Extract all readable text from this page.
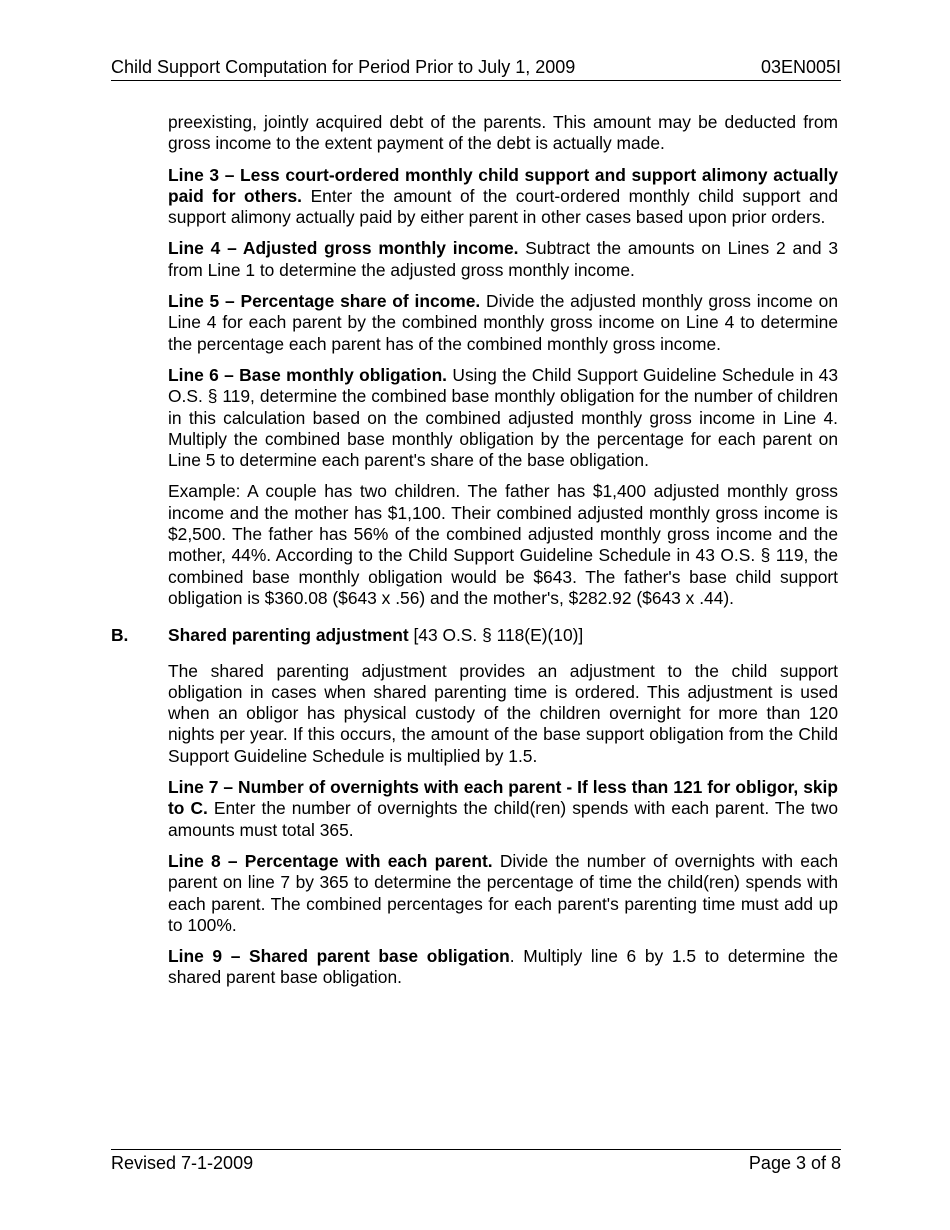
Child Support Computation for Period Prior to July 1, 2009	03EN005I

preexisting, jointly acquired debt of the parents. This amount may be deducted from gross income to the extent payment of the debt is actually made.

Line 3 – Less court-ordered monthly child support and support alimony actually paid for others. Enter the amount of the court-ordered monthly child support and support alimony actually paid by either parent in other cases based upon prior orders.

Line 4 – Adjusted gross monthly income. Subtract the amounts on Lines 2 and 3 from Line 1 to determine the adjusted gross monthly income.

Line 5 – Percentage share of income. Divide the adjusted monthly gross income on Line 4 for each parent by the combined monthly gross income on Line 4 to determine the percentage each parent has of the combined monthly gross income.

Line 6 – Base monthly obligation. Using the Child Support Guideline Schedule in 43 O.S. § 119, determine the combined base monthly obligation for the number of children in this calculation based on the combined adjusted monthly gross income in Line 4. Multiply the combined base monthly obligation by the percentage for each parent on Line 5 to determine each parent's share of the base obligation.

Example: A couple has two children. The father has $1,400 adjusted monthly gross income and the mother has $1,100. Their combined adjusted monthly gross income is $2,500. The father has 56% of the combined adjusted monthly gross income and the mother, 44%. According to the Child Support Guideline Schedule in 43 O.S. § 119, the combined base monthly obligation would be $643. The father's base child support obligation is $360.08 ($643 x .56) and the mother's, $282.92 ($643 x .44).

B. Shared parenting adjustment [43 O.S. § 118(E)(10)]

The shared parenting adjustment provides an adjustment to the child support obligation in cases when shared parenting time is ordered. This adjustment is used when an obligor has physical custody of the children overnight for more than 120 nights per year. If this occurs, the amount of the base support obligation from the Child Support Guideline Schedule is multiplied by 1.5.

Line 7 – Number of overnights with each parent - If less than 121 for obligor, skip to C. Enter the number of overnights the child(ren) spends with each parent. The two amounts must total 365.

Line 8 – Percentage with each parent. Divide the number of overnights with each parent on line 7 by 365 to determine the percentage of time the child(ren) spends with each parent. The combined percentages for each parent's parenting time must add up to 100%.

Line 9 – Shared parent base obligation. Multiply line 6 by 1.5 to determine the shared parent base obligation.

Revised 7-1-2009	Page 3 of 8
